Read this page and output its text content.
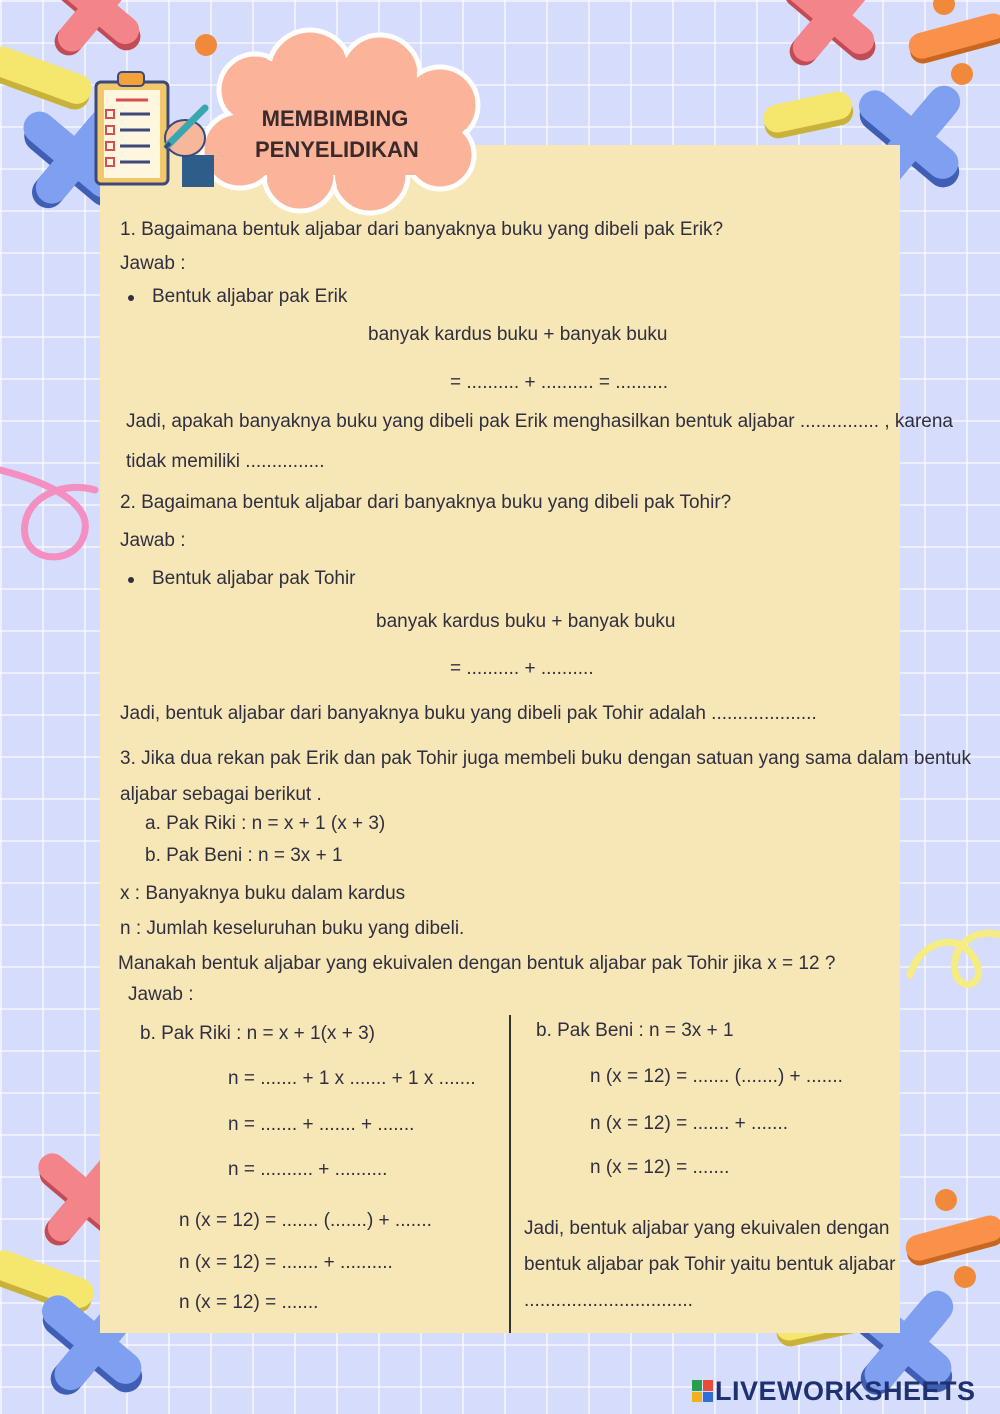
MEMBIMBING
PENYELIDIKAN
1. Bagaimana bentuk aljabar dari banyaknya buku yang dibeli pak Erik?
Jawab :
Bentuk aljabar pak Erik
banyak kardus buku + banyak buku
= .......... + .......... = ..........
Jadi, apakah banyaknya buku yang dibeli pak Erik menghasilkan bentuk aljabar ............... , karena
tidak memiliki ...............
2. Bagaimana bentuk aljabar dari banyaknya buku yang dibeli pak Tohir?
Jawab :
Bentuk aljabar pak Tohir
banyak kardus buku + banyak buku
= .......... + ..........
Jadi, bentuk aljabar dari banyaknya buku yang dibeli pak Tohir adalah ....................
3. Jika dua rekan pak Erik dan pak Tohir juga membeli buku dengan satuan yang sama dalam bentuk
aljabar sebagai berikut .
a. Pak Riki : n = x + 1 (x + 3)
b. Pak Beni : n = 3x + 1
x : Banyaknya buku dalam kardus
n : Jumlah keseluruhan buku yang dibeli.
Manakah bentuk aljabar yang ekuivalen dengan bentuk aljabar pak Tohir jika x = 12 ?
Jawab :
b. Pak Riki : n = x + 1(x + 3)
n = ....... + 1 x ....... + 1 x .......
n = ....... + ....... + .......
n = .......... + ..........
n (x = 12) = ....... (.......) + .......
n (x = 12) = ....... + ..........
n (x = 12) = .......
b. Pak Beni : n = 3x + 1
n (x = 12) = ....... (.......) + .......
n (x = 12) = ....... + .......
n (x = 12) = .......
Jadi, bentuk aljabar yang ekuivalen dengan
bentuk aljabar pak Tohir yaitu bentuk aljabar
................................
LIVEWORKSHEETS
